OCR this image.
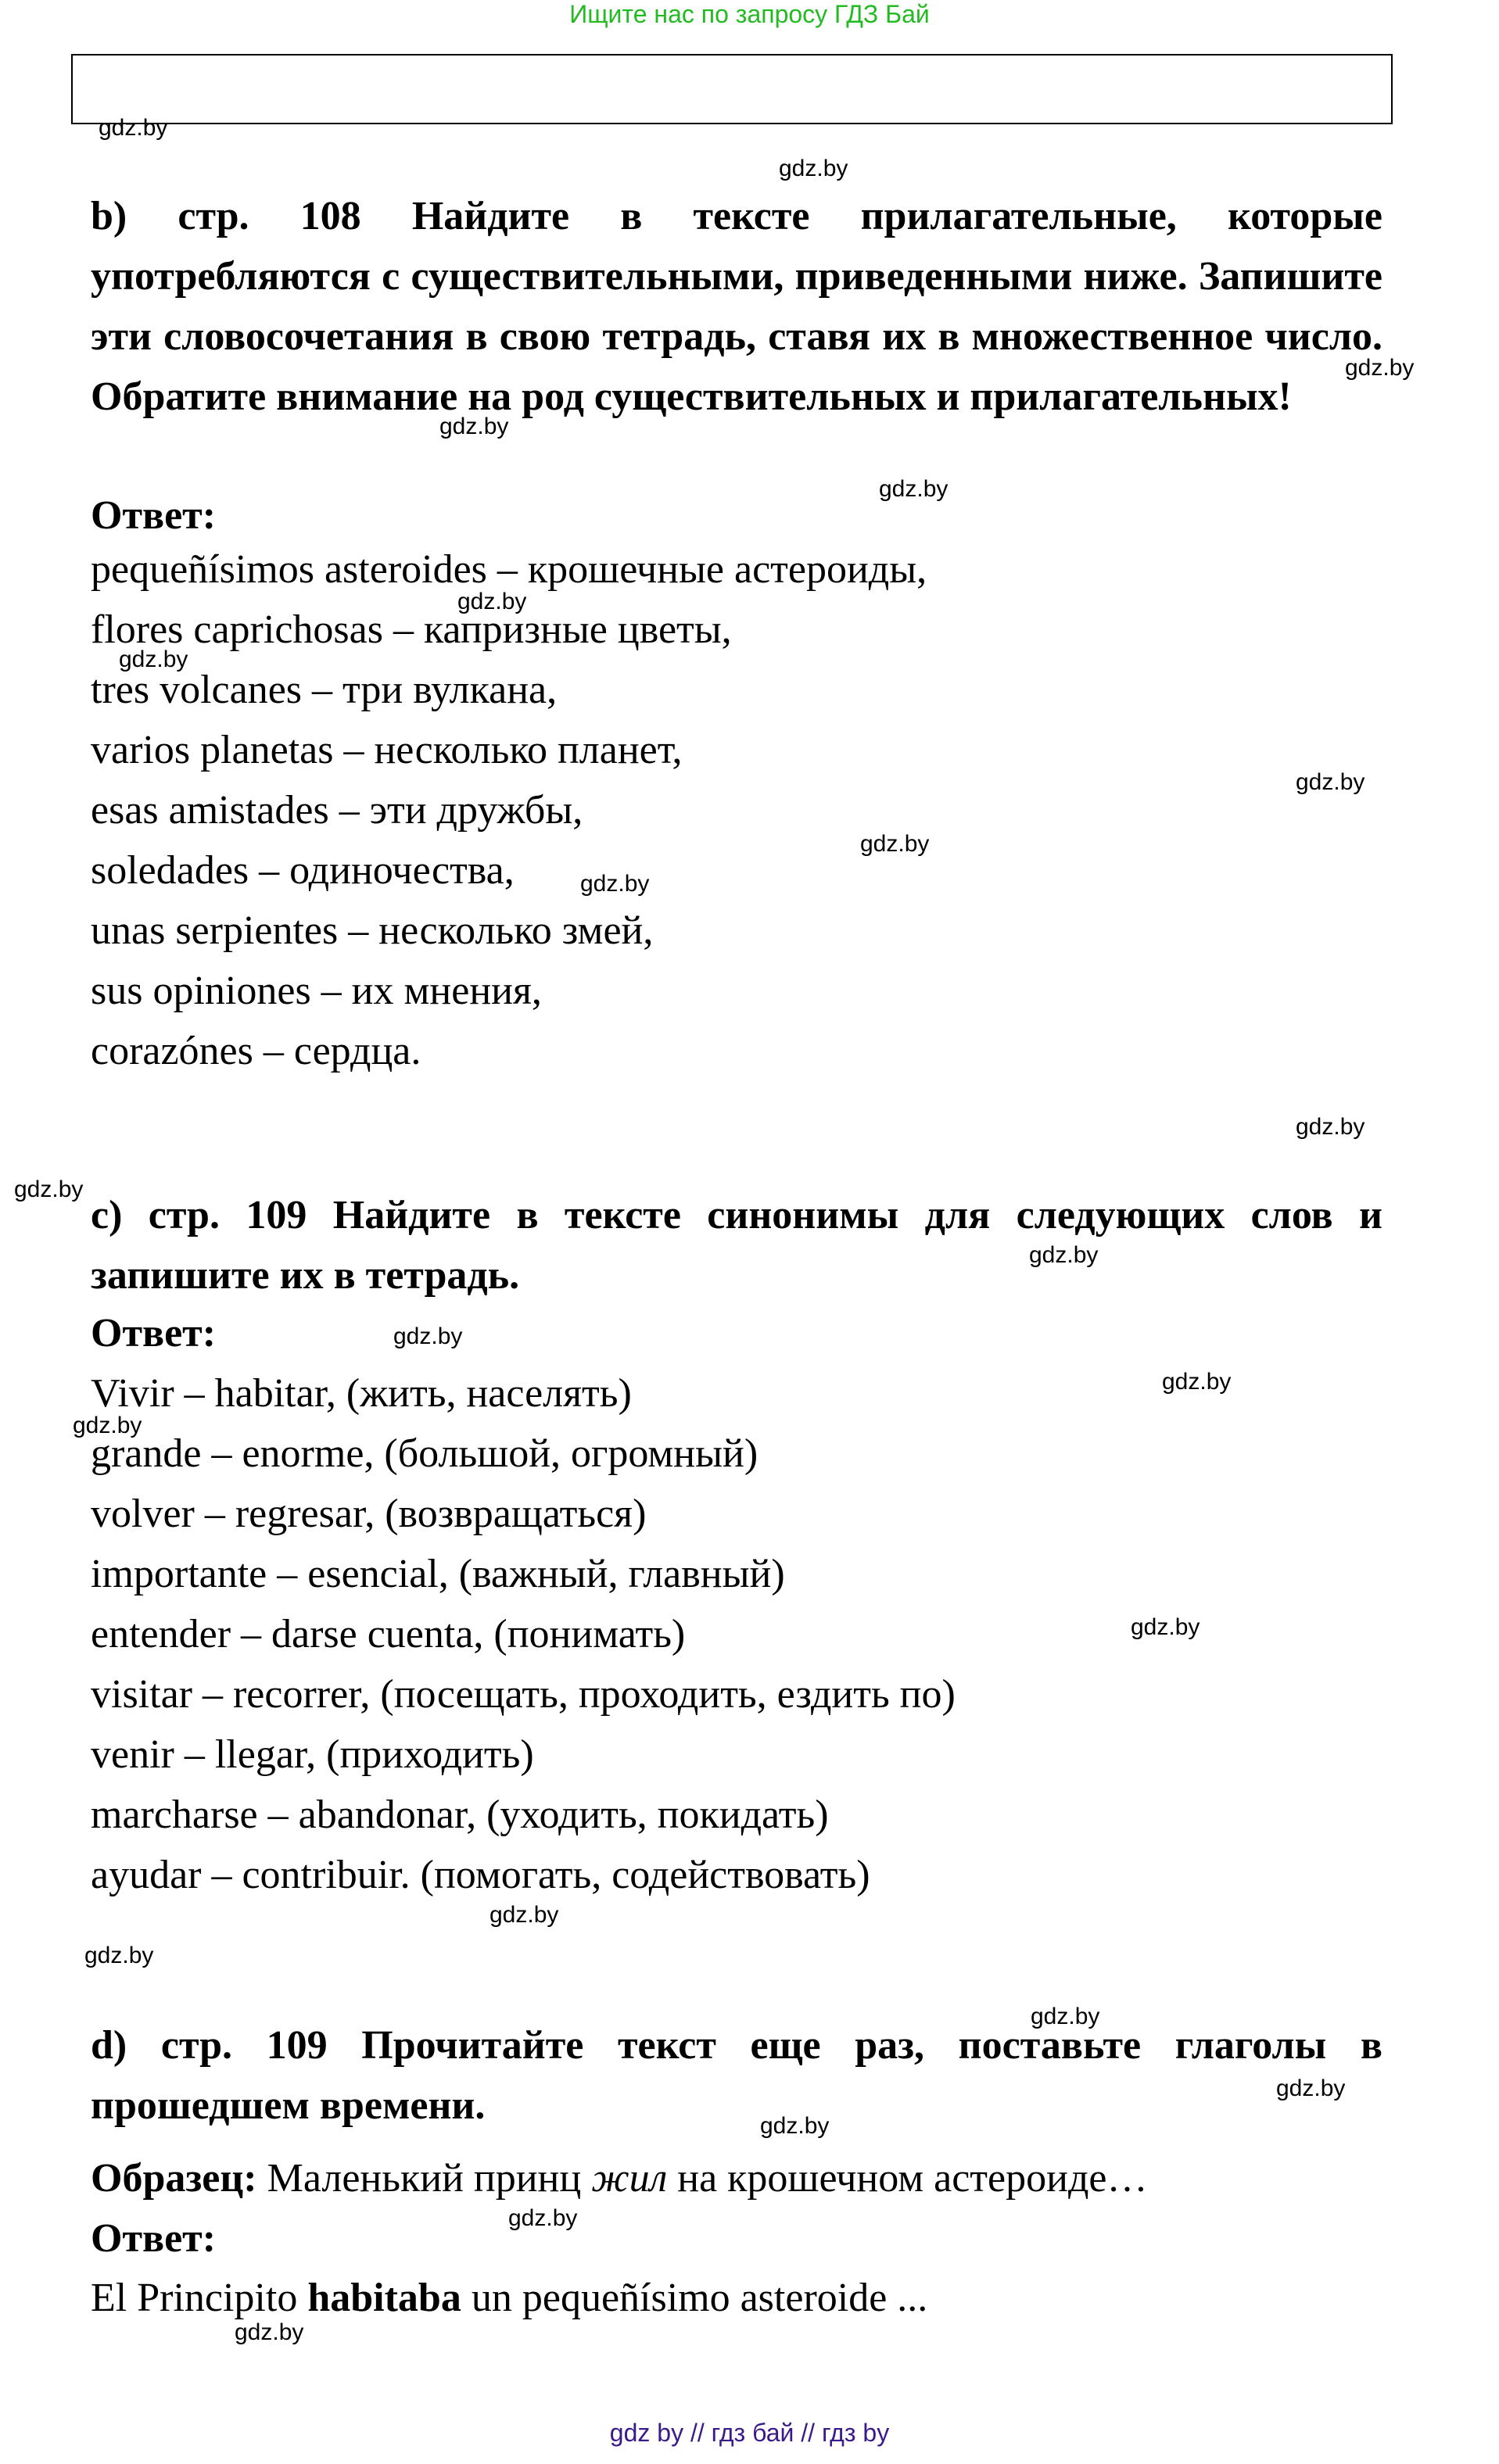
Ищите нас по запросу ГДЗ Бай

b) стр. 108 Найдите в тексте прилагательные, которые употребляются с существительными, приведенными ниже. Запишите эти словосочетания в свою тетрадь, ставя их в множественное число. Обратите внимание на род существительных и прилагательных!

Ответ:

pequeñísimos asteroides – крошечные астероиды,
flores caprichosas – капризные цветы,
tres volcanes – три вулкана,
varios planetas – несколько планет,
esas amistades – эти дружбы,
soledades – одиночества,
unas serpientes – несколько змей,
sus opiniones – их мнения,
corazónes – сердца.

c) стр. 109 Найдите в тексте синонимы для следующих слов и запишите их в тетрадь.

Ответ:

Vivir – habitar, (жить, населять)
grande – enorme, (большой, огромный)
volver – regresar, (возвращаться)
importante – esencial, (важный, главный)
entender – darse cuenta, (понимать)
visitar – recorrer, (посещать, проходить, ездить по)
venir – llegar, (приходить)
marcharse – abandonar, (уходить, покидать)
ayudar – contribuir. (помогать, содействовать)

d) стр. 109 Прочитайте текст еще раз, поставьте глаголы в прошедшем времени.

Образец: Маленький принц жил на крошечном астероиде…

Ответ:

El Principito habitaba un pequeñísimo asteroide ...

gdz.by
gdz.by
gdz.by
gdz.by
gdz.by
gdz.by
gdz.by
gdz.by
gdz.by
gdz.by
gdz.by
gdz.by
gdz.by
gdz.by
gdz.by
gdz.by
gdz.by
gdz.by
gdz.by
gdz.by
gdz.by
gdz.by
gdz.by
gdz.by
gdz by // гдз бай // гдз by
